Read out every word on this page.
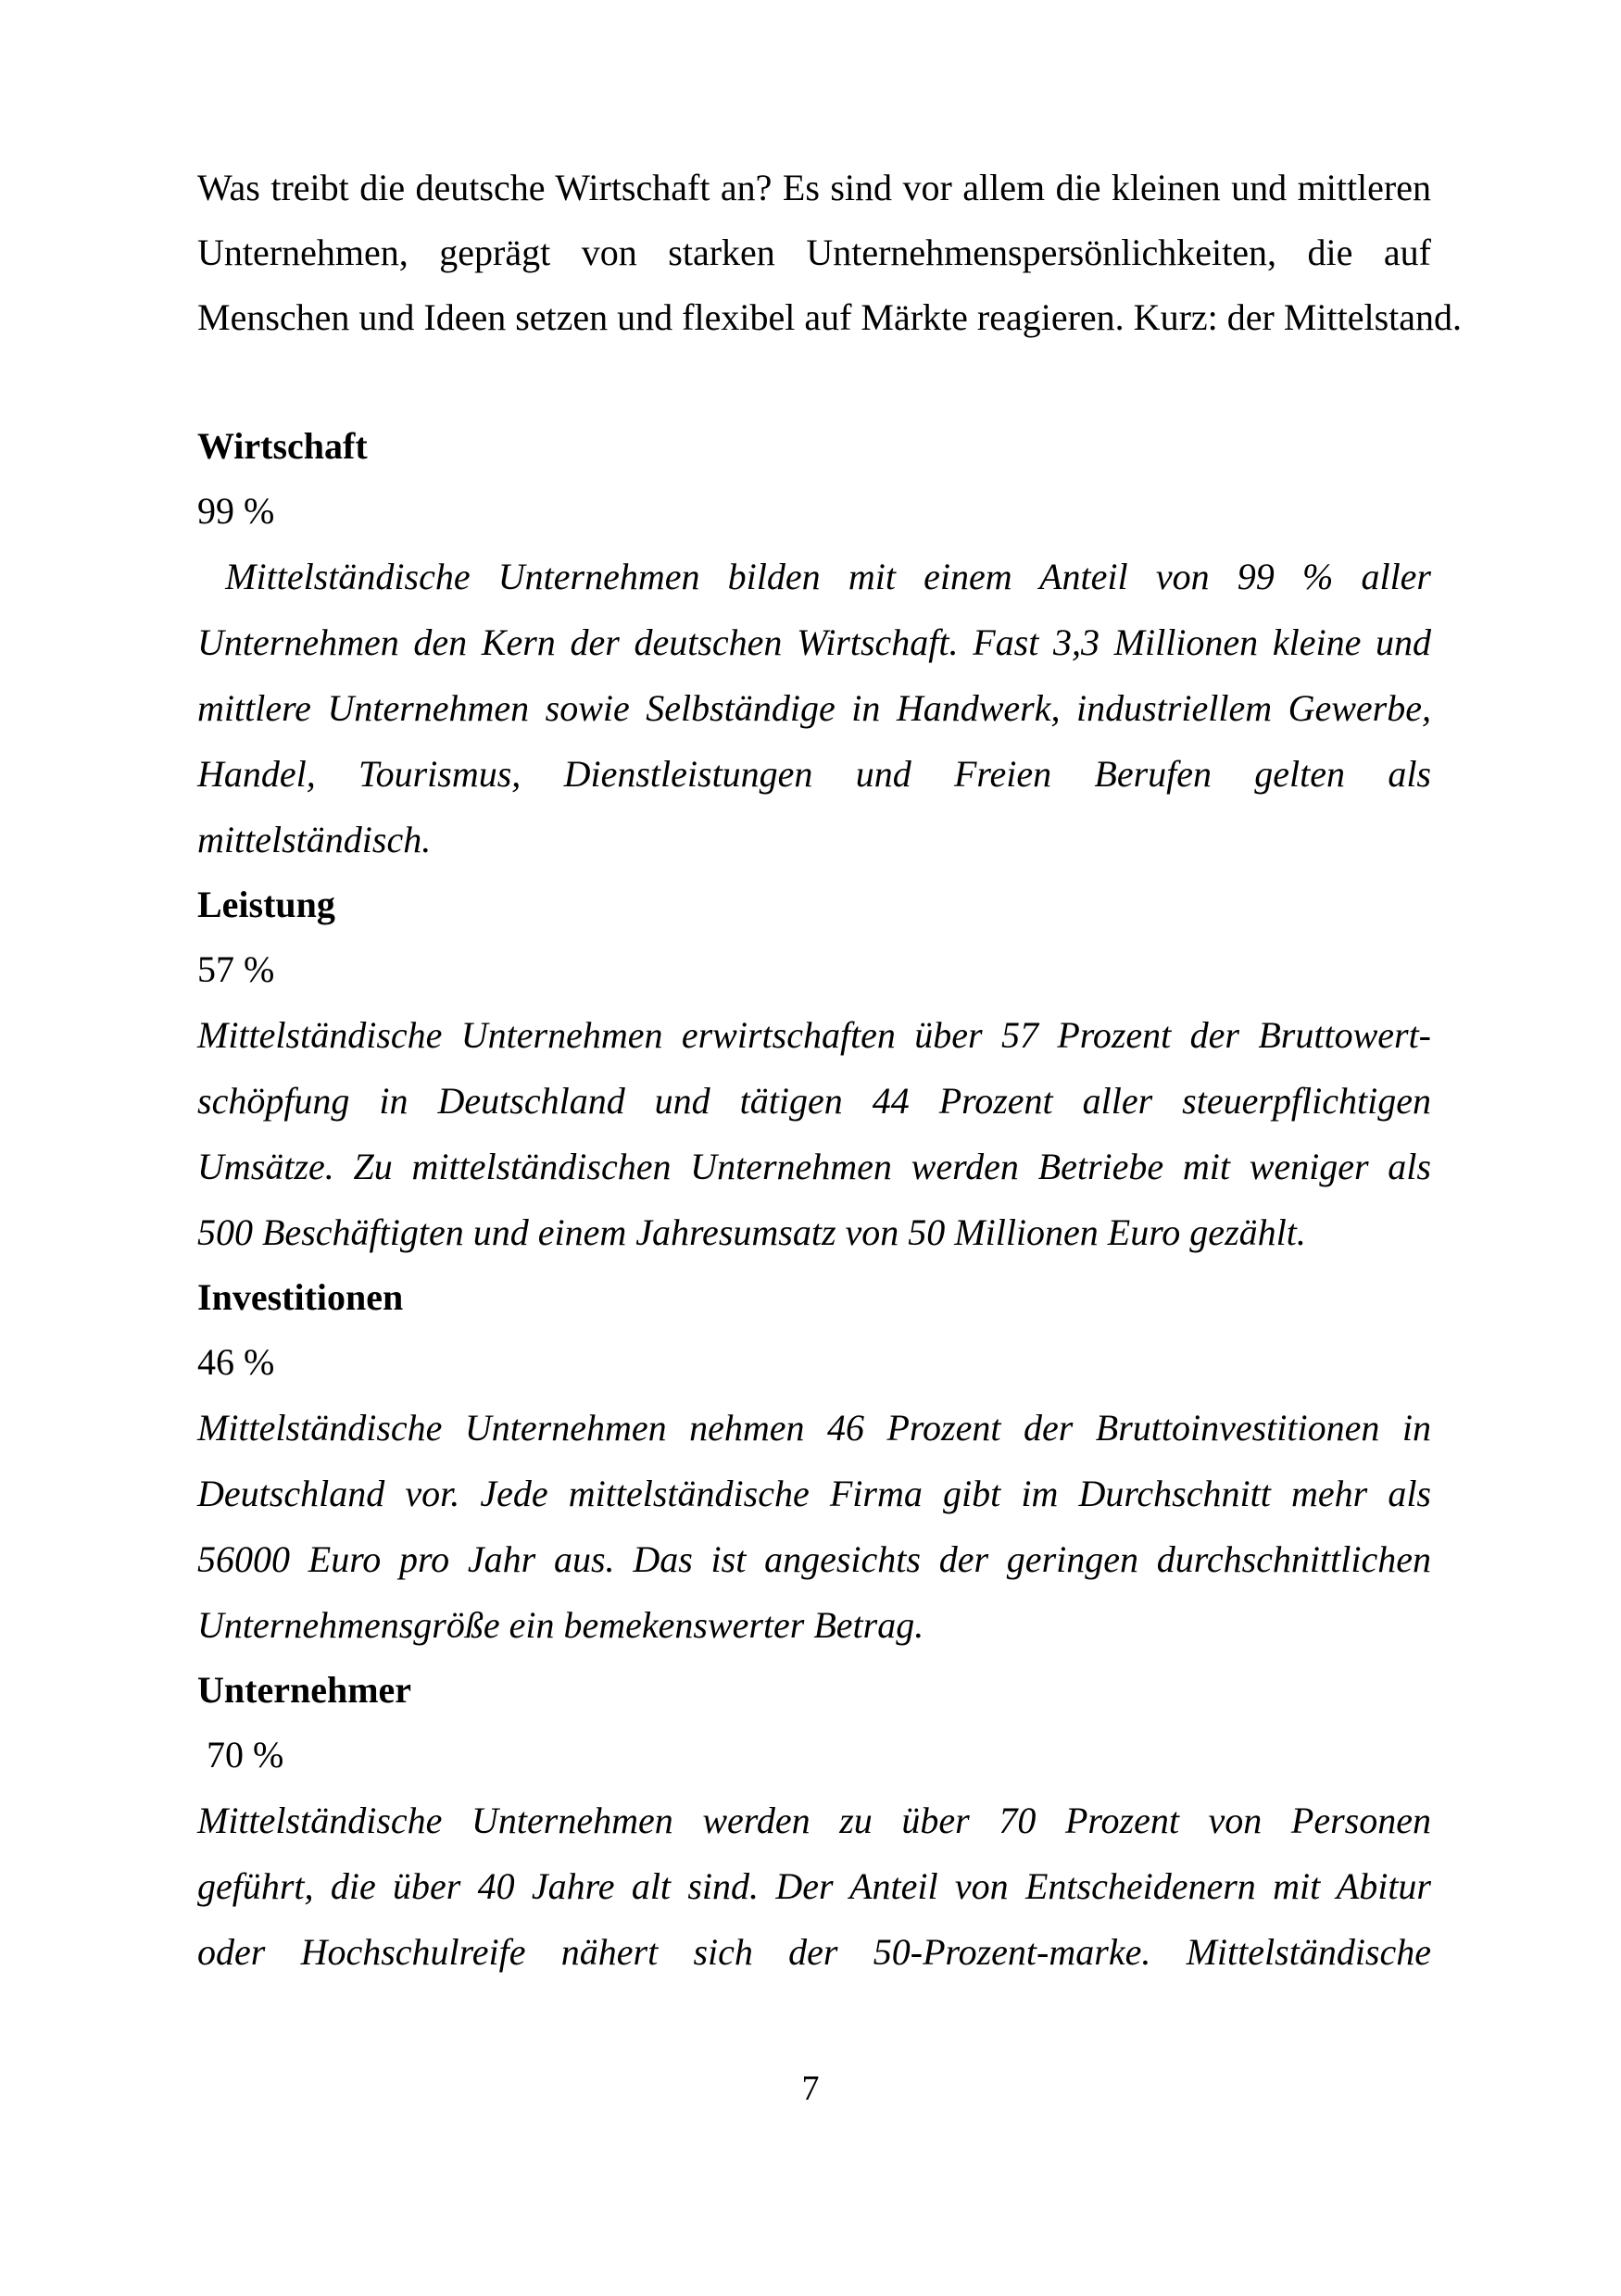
Was treibt die deutsche Wirtschaft an? Es sind vor allem die kleinen und mittleren
Unternehmen, geprägt von starken Unternehmenspersönlichkeiten, die auf
Menschen und Ideen setzen und flexibel auf Märkte reagieren. Kurz: der Mittelstand.

Wirtschaft

99 %

Mittelständische Unternehmen bilden mit einem Anteil von 99 % aller
Unternehmen den Kern der deutschen Wirtschaft. Fast 3,3 Millionen kleine und
mittlere Unternehmen sowie Selbständige in Handwerk, industriellem Gewerbe,
Handel, Tourismus, Dienstleistungen und Freien Berufen gelten als
mittelständisch.

Leistung

57 %

Mittelständische Unternehmen erwirtschaften über 57 Prozent der Bruttowert-
schöpfung in Deutschland und tätigen 44 Prozent aller steuerpflichtigen
Umsätze. Zu mittelständischen Unternehmen werden Betriebe mit weniger als
500 Beschäftigten und einem Jahresumsatz von 50 Millionen Euro gezählt.

Investitionen

46 %

Mittelständische Unternehmen nehmen 46 Prozent der Bruttoinvestitionen in
Deutschland vor. Jede mittelständische Firma gibt im Durchschnitt mehr als
56000 Euro pro Jahr aus. Das ist angesichts der geringen durchschnittlichen
Unternehmensgröße ein bemekenswerter Betrag.

Unternehmer

70 %

Mittelständische Unternehmen werden zu über 70 Prozent von Personen
geführt, die über 40 Jahre alt sind. Der Anteil von Entscheidenern mit Abitur
oder Hochschulreife nähert sich der 50-Prozent-marke. Mittelständische

7
